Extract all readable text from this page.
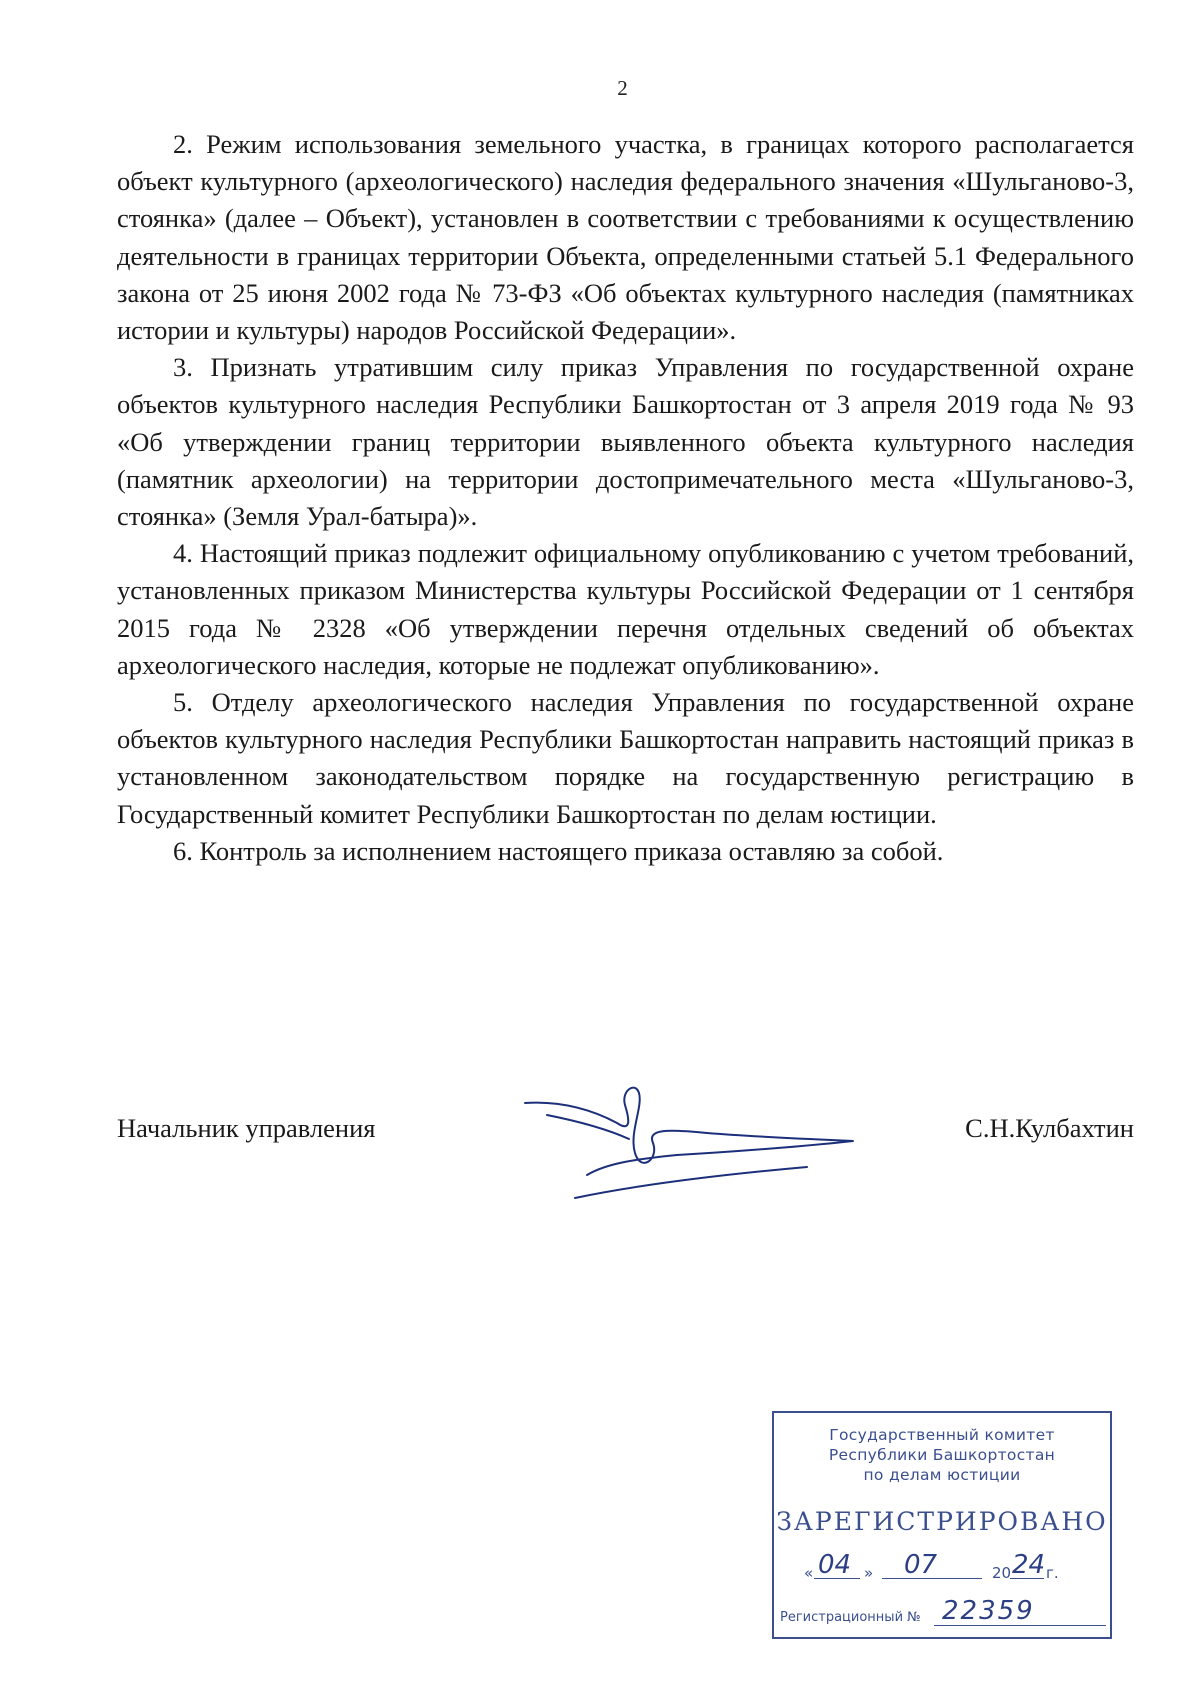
2

2. Режим использования земельного участка, в границах которого располагается объект культурного (археологического) наследия федерального значения «Шульганово-3, стоянка» (далее – Объект), установлен в соответствии с требованиями к осуществлению деятельности в границах территории Объекта, определенными статьей 5.1 Федерального закона от 25 июня 2002 года № 73-ФЗ «Об объектах культурного наследия (памятниках истории и культуры) народов Российской Федерации».

3. Признать утратившим силу приказ Управления по государственной охране объектов культурного наследия Республики Башкортостан от 3 апреля 2019 года № 93 «Об утверждении границ территории выявленного объекта культурного наследия (памятник археологии) на территории достопримечательного места «Шульганово-3, стоянка» (Земля Урал-батыра)».

4. Настоящий приказ подлежит официальному опубликованию с учетом требований, установленных приказом Министерства культуры Российской Федерации от 1 сентября 2015 года № 2328 «Об утверждении перечня отдельных сведений об объектах археологического наследия, которые не подлежат опубликованию».

5. Отделу археологического наследия Управления по государственной охране объектов культурного наследия Республики Башкортостан направить настоящий приказ в установленном законодательством порядке на государственную регистрацию в Государственный комитет Республики Башкортостан по делам юстиции.

6. Контроль за исполнением настоящего приказа оставляю за собой.

Начальник управления	С.Н.Кулбахтин
Государственный комитет
Республики Башкортостан
по делам юстиции
ЗАРЕГИСТРИРОВАНО
« 04 » 07	20 24 г.
Регистрационный № 22359
